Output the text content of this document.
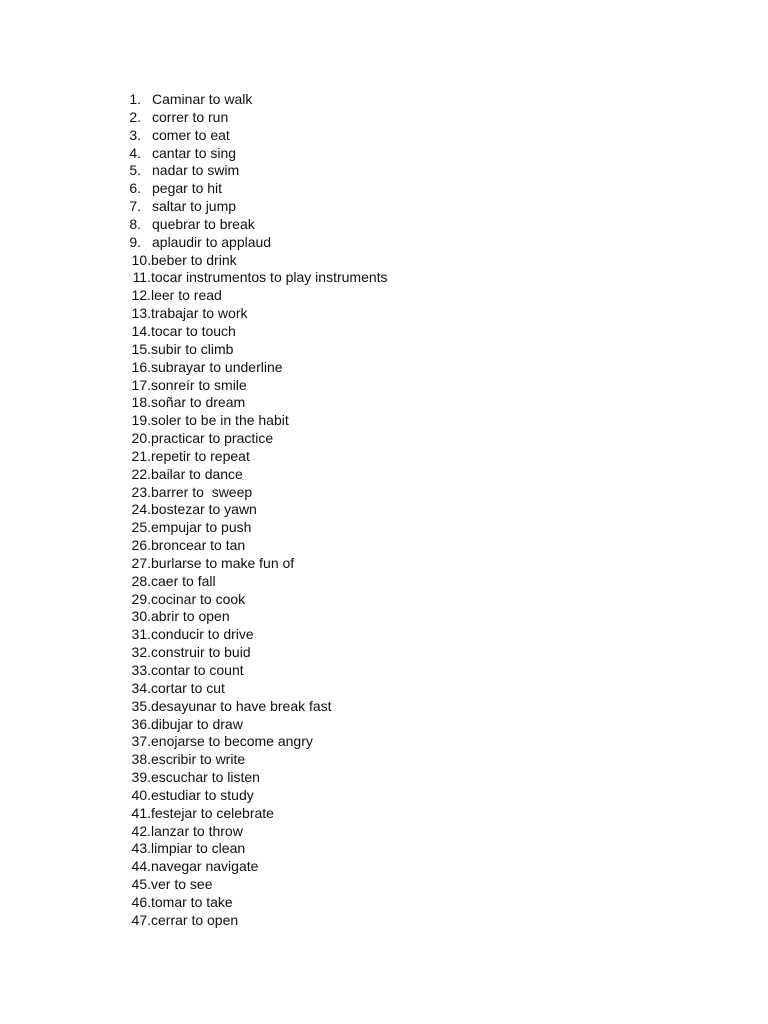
1. Caminar to walk
2. correr to run
3. comer to eat
4. cantar to sing
5. nadar to swim
6. pegar to hit
7. saltar to jump
8. quebrar to break
9. aplaudir to applaud
10. beber to drink
11. tocar instrumentos to play instruments
12. leer to read
13. trabajar to work
14. tocar to touch
15. subir to climb
16. subrayar to underline
17. sonreír to smile
18. soñar to dream
19. soler to be in the habit
20. practicar to practice
21. repetir to repeat
22. bailar to dance
23. barrer to  sweep
24. bostezar to yawn
25. empujar to push
26. broncear to tan
27. burlarse to make fun of
28. caer to fall
29. cocinar to cook
30. abrir to open
31. conducir to drive
32. construir to buid
33. contar to count
34. cortar to cut
35. desayunar to have break fast
36. dibujar to draw
37. enojarse to become angry
38. escribir to write
39. escuchar to listen
40. estudiar to study
41. festejar to celebrate
42. lanzar to throw
43. limpiar to clean
44. navegar navigate
45. ver to see
46. tomar to take
47. cerrar to open
